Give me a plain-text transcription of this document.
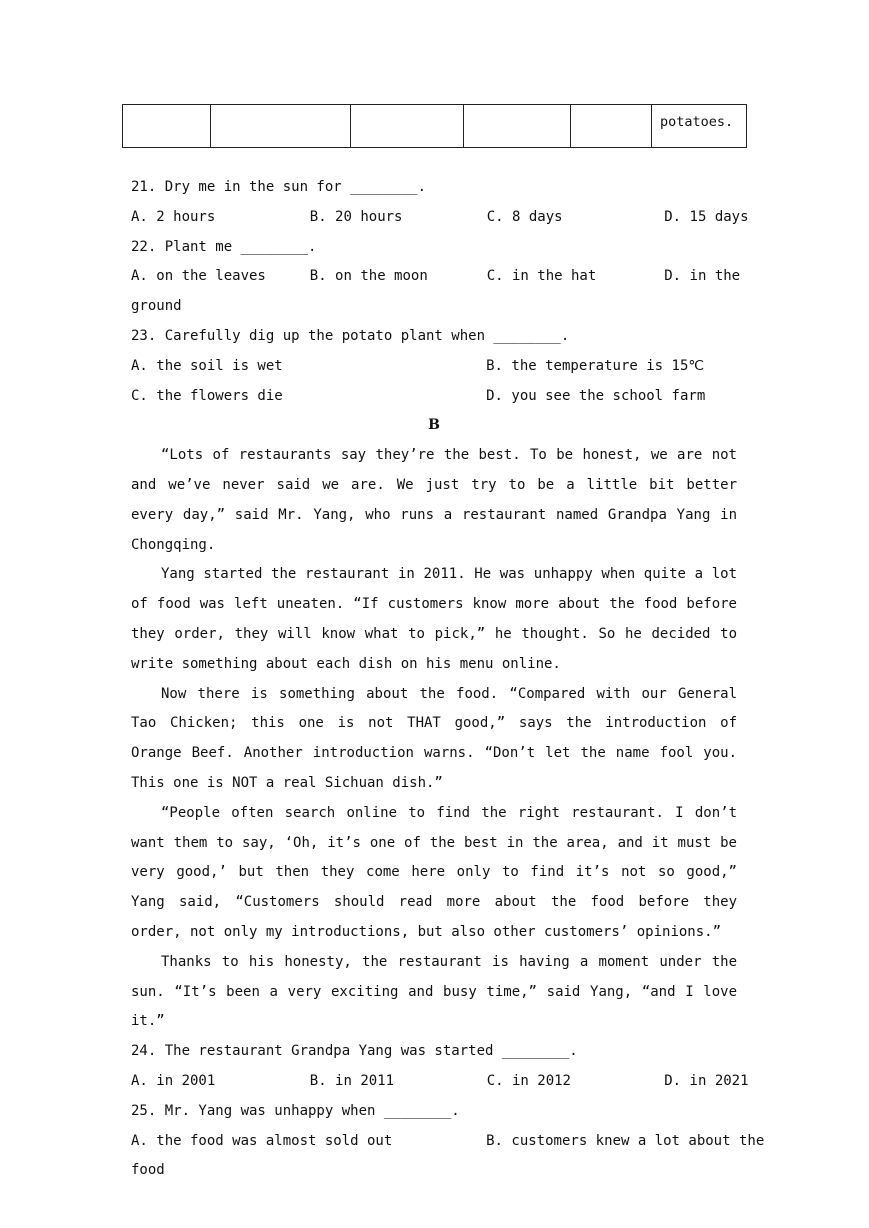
potatoes.
21. Dry me in the sun for ________.
A. 2 hours	B. 20 hours	C. 8 days	D. 15 days
22. Plant me ________.
A. on the leaves	B. on the moon	C. in the hat	D. in the
ground
23. Carefully dig up the potato plant when ________.
A. the soil is wet	B. the temperature is 15℃
C. the flowers die	D. you see the school farm
B
“Lots of restaurants say they’re the best. To be honest, we are not and we’ve never said we are. We just try to be a little bit better every day,” said Mr. Yang, who runs a restaurant named Grandpa Yang in Chongqing.
Yang started the restaurant in 2011. He was unhappy when quite a lot of food was left uneaten. “If customers know more about the food before they order, they will know what to pick,” he thought. So he decided to write something about each dish on his menu online.
Now there is something about the food. “Compared with our General Tao Chicken; this one is not THAT good,” says the introduction of Orange Beef. Another introduction warns. “Don’t let the name fool you. This one is NOT a real Sichuan dish.”
“People often search online to find the right restaurant. I don’t want them to say, ‘Oh, it’s one of the best in the area, and it must be very good,’ but then they come here only to find it’s not so good,” Yang said, “Customers should read more about the food before they order, not only my introductions, but also other customers’ opinions.”
Thanks to his honesty, the restaurant is having a moment under the sun. “It’s been a very exciting and busy time,” said Yang, “and I love it.”
24. The restaurant Grandpa Yang was started ________.
A. in 2001	B. in 2011	C. in 2012	D. in 2021
25. Mr. Yang was unhappy when ________.
A. the food was almost sold out	B. customers knew a lot about the
food
